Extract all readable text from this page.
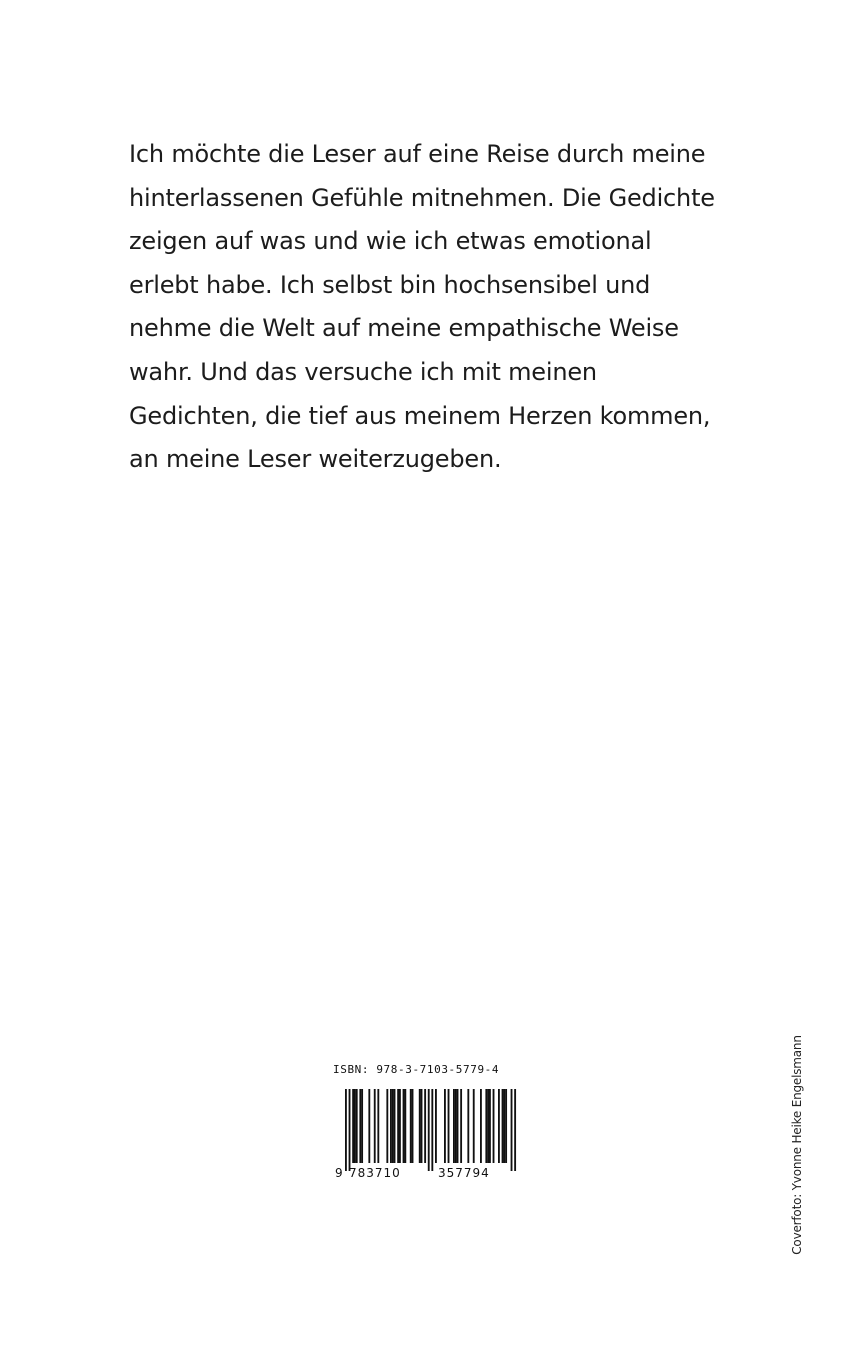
Ich möchte die Leser auf eine Reise durch meine
hinterlassenen Gefühle mitnehmen. Die Gedichte
zeigen auf was und wie ich etwas emotional
erlebt habe. Ich selbst bin hochsensibel und
nehme die Welt auf meine empathische Weise
wahr. Und das versuche ich mit meinen
Gedichten, die tief aus meinem Herzen kommen,
an meine Leser weiterzugeben.
ISBN: 978-3-7103-5779-4
9 783710	357794	Coverfoto: Yvonne Heike Engelsmann
